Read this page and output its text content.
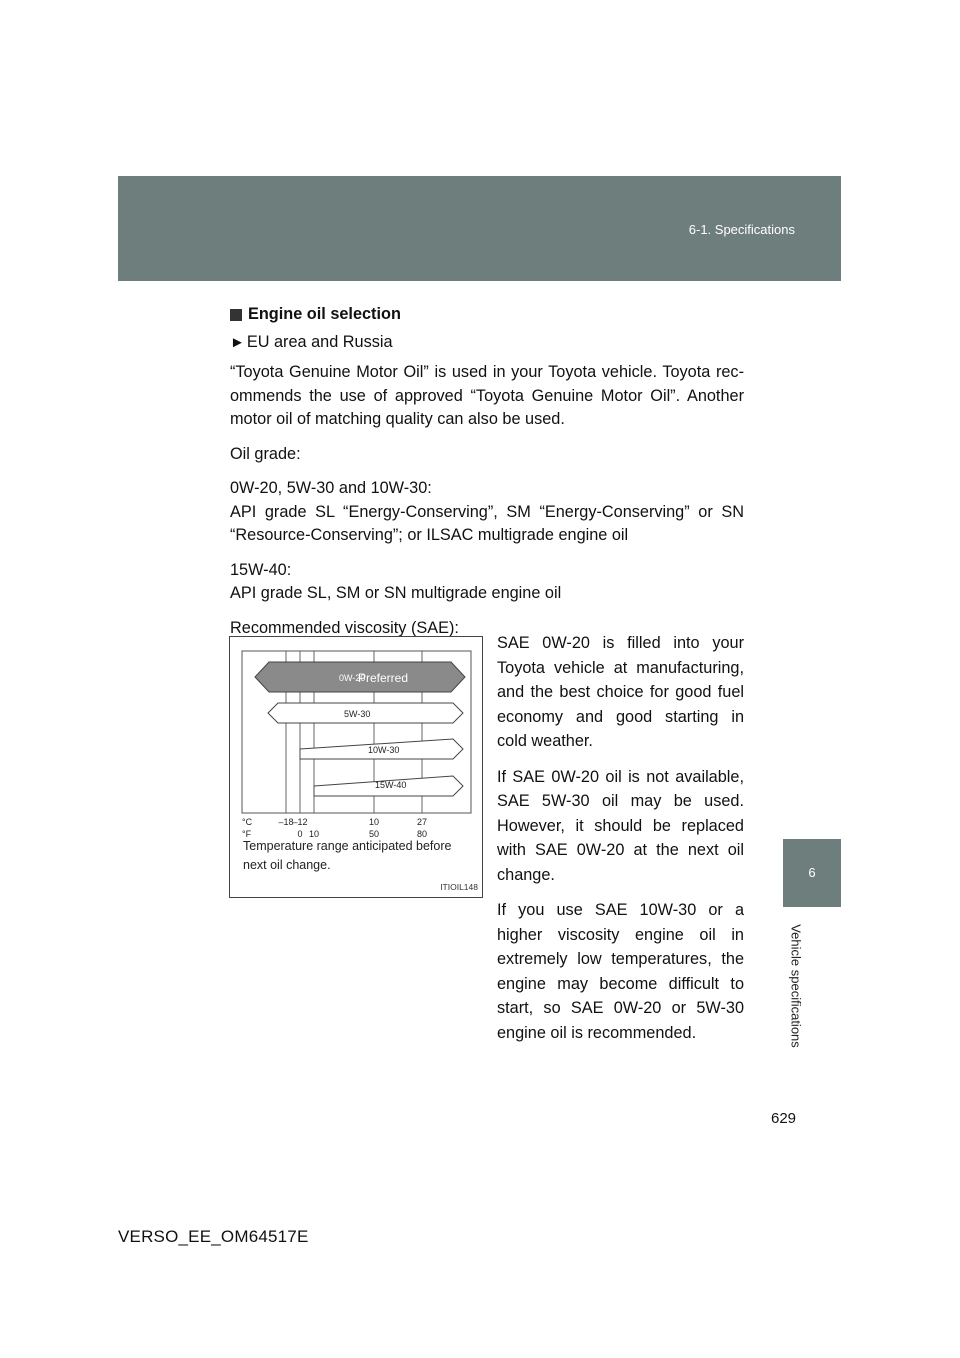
6-1. Specifications
6
Vehicle specifications

Engine oil selection

► EU area and Russia

“Toyota Genuine Motor Oil” is used in your Toyota vehicle. Toyota rec-ommends the use of approved “Toyota Genuine Motor Oil”. Another motor oil of matching quality can also be used.

Oil grade:

0W-20, 5W-30 and 10W-30:

API grade SL “Energy-Conserving”, SM “Energy-Conserving” or SN “Resource-Conserving”; or ILSAC multigrade engine oil

15W-40:

API grade SL, SM or SN multigrade engine oil

Recommended viscosity (SAE):

0W-20
Preferred
5W-30
10W-30
15W-40
°C
°F
–18
–12	10	27
0 10	50	80
Temperature range anticipated before next oil change.
ITIOIL148

SAE 0W-20 is filled into your Toyota vehicle at manufacturing, and the best choice for good fuel economy and good starting in cold weather.

If SAE 0W-20 oil is not available, SAE 5W-30 oil may be used. However, it should be replaced with SAE 0W-20 at the next oil change.

If you use SAE 10W-30 or a higher viscosity engine oil in extremely low temperatures, the engine may become difficult to start, so SAE 0W-20 or 5W-30 engine oil is recommended.

629
VERSO_EE_OM64517E
